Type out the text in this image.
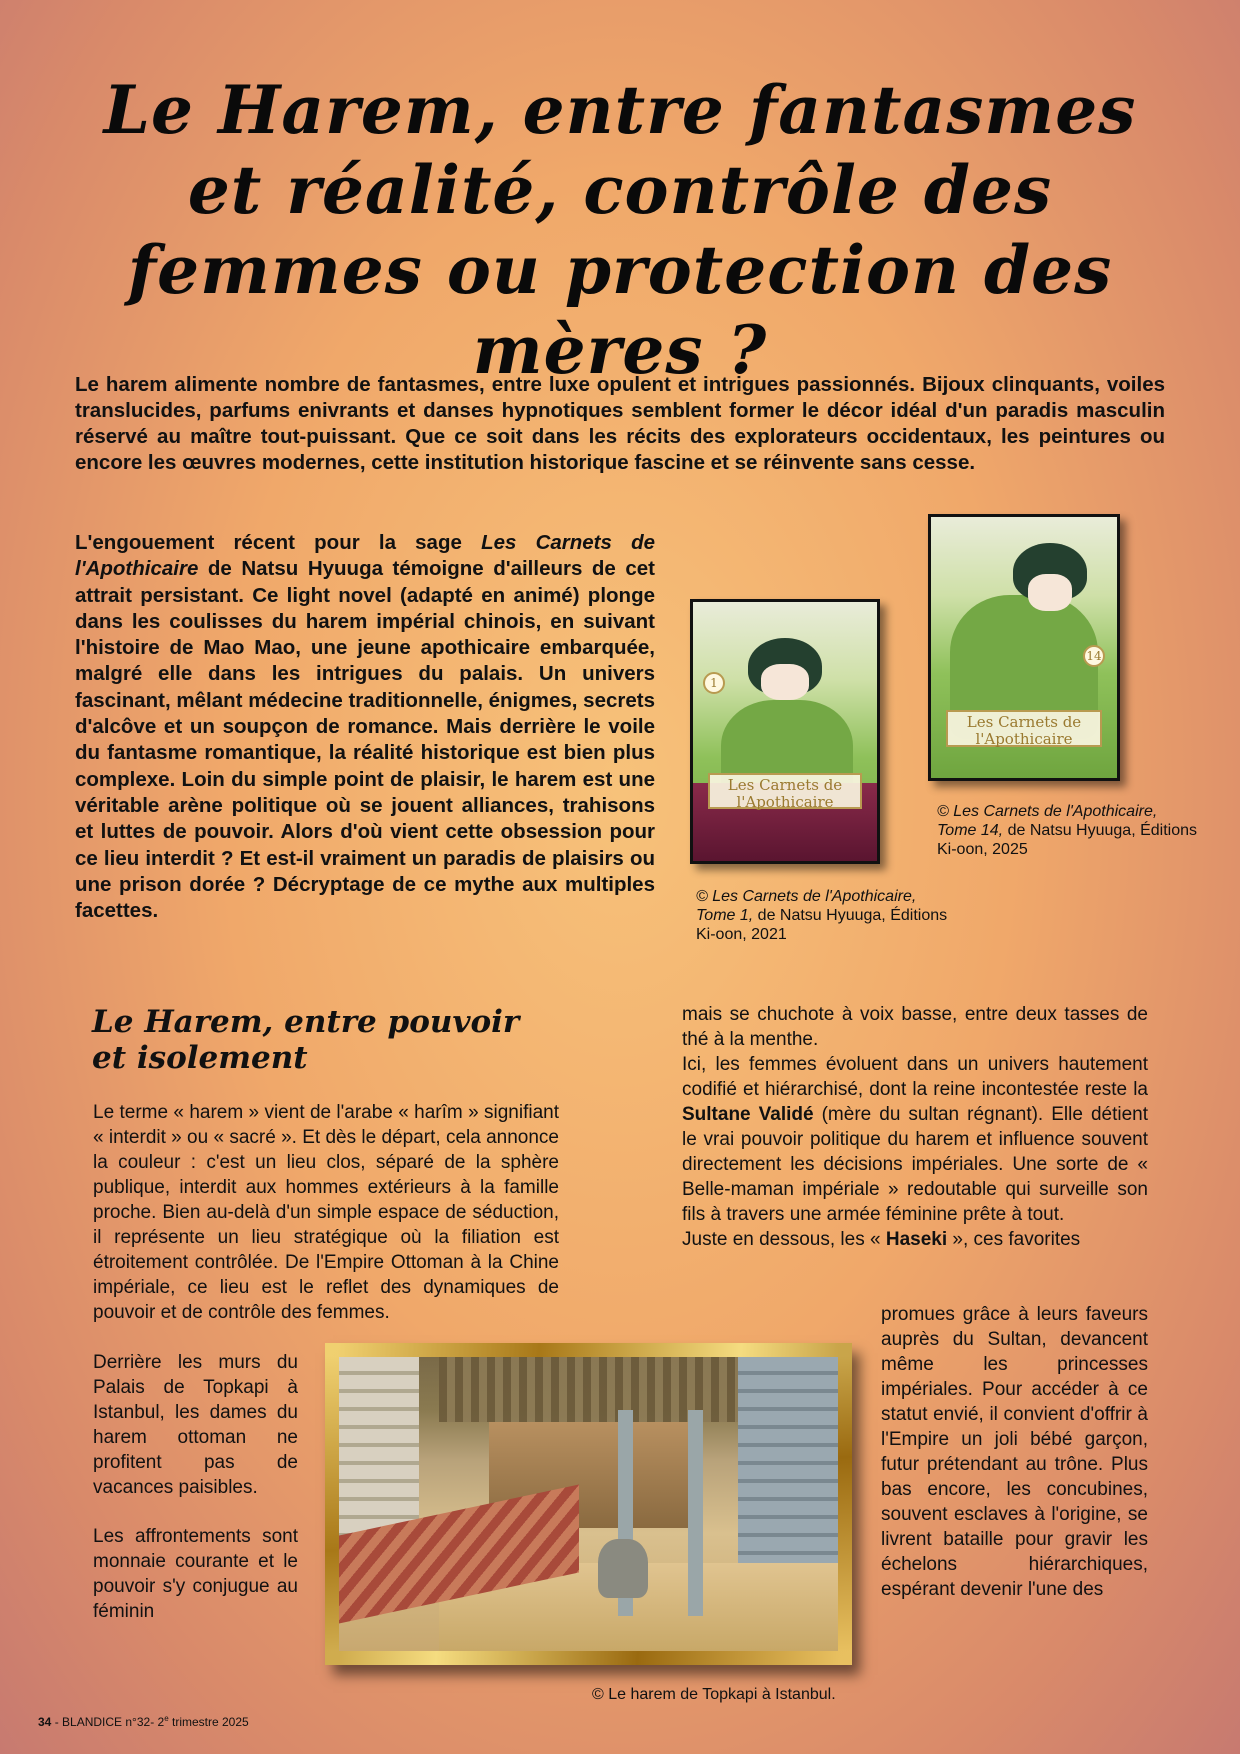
Le Harem, entre fantasmes et réalité, contrôle des femmes ou protection des mères ?

Le harem alimente nombre de fantasmes, entre luxe opulent et intrigues passionnés. Bijoux clinquants, voiles translucides, parfums enivrants et danses hypnotiques semblent former le décor idéal d'un paradis masculin réservé au maître tout-puissant. Que ce soit dans les récits des explorateurs occidentaux, les peintures ou encore les œuvres modernes, cette institution historique fascine et se réinvente sans cesse.

L'engouement récent pour la sage Les Carnets de l'Apothicaire de Natsu Hyuuga témoigne d'ailleurs de cet attrait persistant. Ce light novel (adapté en animé) plonge dans les coulisses du harem impérial chinois, en suivant l'histoire de Mao Mao, une jeune apothicaire embarquée, malgré elle dans les intrigues du palais. Un univers fascinant, mêlant médecine traditionnelle, énigmes, secrets d'alcôve et un soupçon de romance. Mais derrière le voile du fantasme romantique, la réalité historique est bien plus complexe. Loin du simple point de plaisir, le harem est une véritable arène politique où se jouent alliances, trahisons et luttes de pouvoir. Alors d'où vient cette obsession pour ce lieu interdit ? Et est-il vraiment un paradis de plaisirs ou une prison dorée ? Décryptage de ce mythe aux multiples facettes.

1
Les Carnets de
l'Apothicaire
14
Les Carnets de
l'Apothicaire

© Les Carnets de l'Apothicaire, Tome 1, de Natsu Hyuuga, Éditions Ki-oon, 2021

© Les Carnets de l'Apothicaire, Tome 14, de Natsu Hyuuga, Éditions Ki-oon, 2025

Le Harem, entre pouvoir et isolement

Le terme « harem » vient de l'arabe « harîm » signifiant « interdit » ou « sacré ». Et dès le départ, cela annonce la couleur : c'est un lieu clos, séparé de la sphère publique, interdit aux hommes extérieurs à la famille proche. Bien au-delà d'un simple espace de séduction, il représente un lieu stratégique où la filiation est étroitement contrôlée. De l'Empire Ottoman à la Chine impériale, ce lieu est le reflet des dynamiques de pouvoir et de contrôle des femmes.

Derrière les murs du Palais de Topkapi à Istanbul, les dames du harem ottoman ne profitent pas de vacances paisibles.

Les affrontements sont monnaie courante et le pouvoir s'y conjugue au féminin

mais se chuchote à voix basse, entre deux tasses de thé à la menthe.

Ici, les femmes évoluent dans un univers hautement codifié et hiérarchisé, dont la reine incontestée reste la Sultane Validé (mère du sultan régnant). Elle détient le vrai pouvoir politique du harem et influence souvent directement les décisions impériales. Une sorte de « Belle-maman impériale » redoutable qui surveille son fils à travers une armée féminine prête à tout.

Juste en dessous, les « Haseki », ces favorites

promues grâce à leurs faveurs auprès du Sultan, devancent même les princesses impériales. Pour accéder à ce statut envié, il convient d'offrir à l'Empire un joli bébé garçon, futur prétendant au trône. Plus bas encore, les concubines, souvent esclaves à l'origine, se livrent bataille pour gravir les échelons hiérarchiques, espérant devenir l'une des

© Le harem de Topkapi à Istanbul.

34 - BLANDICE n°32- 2e trimestre 2025
